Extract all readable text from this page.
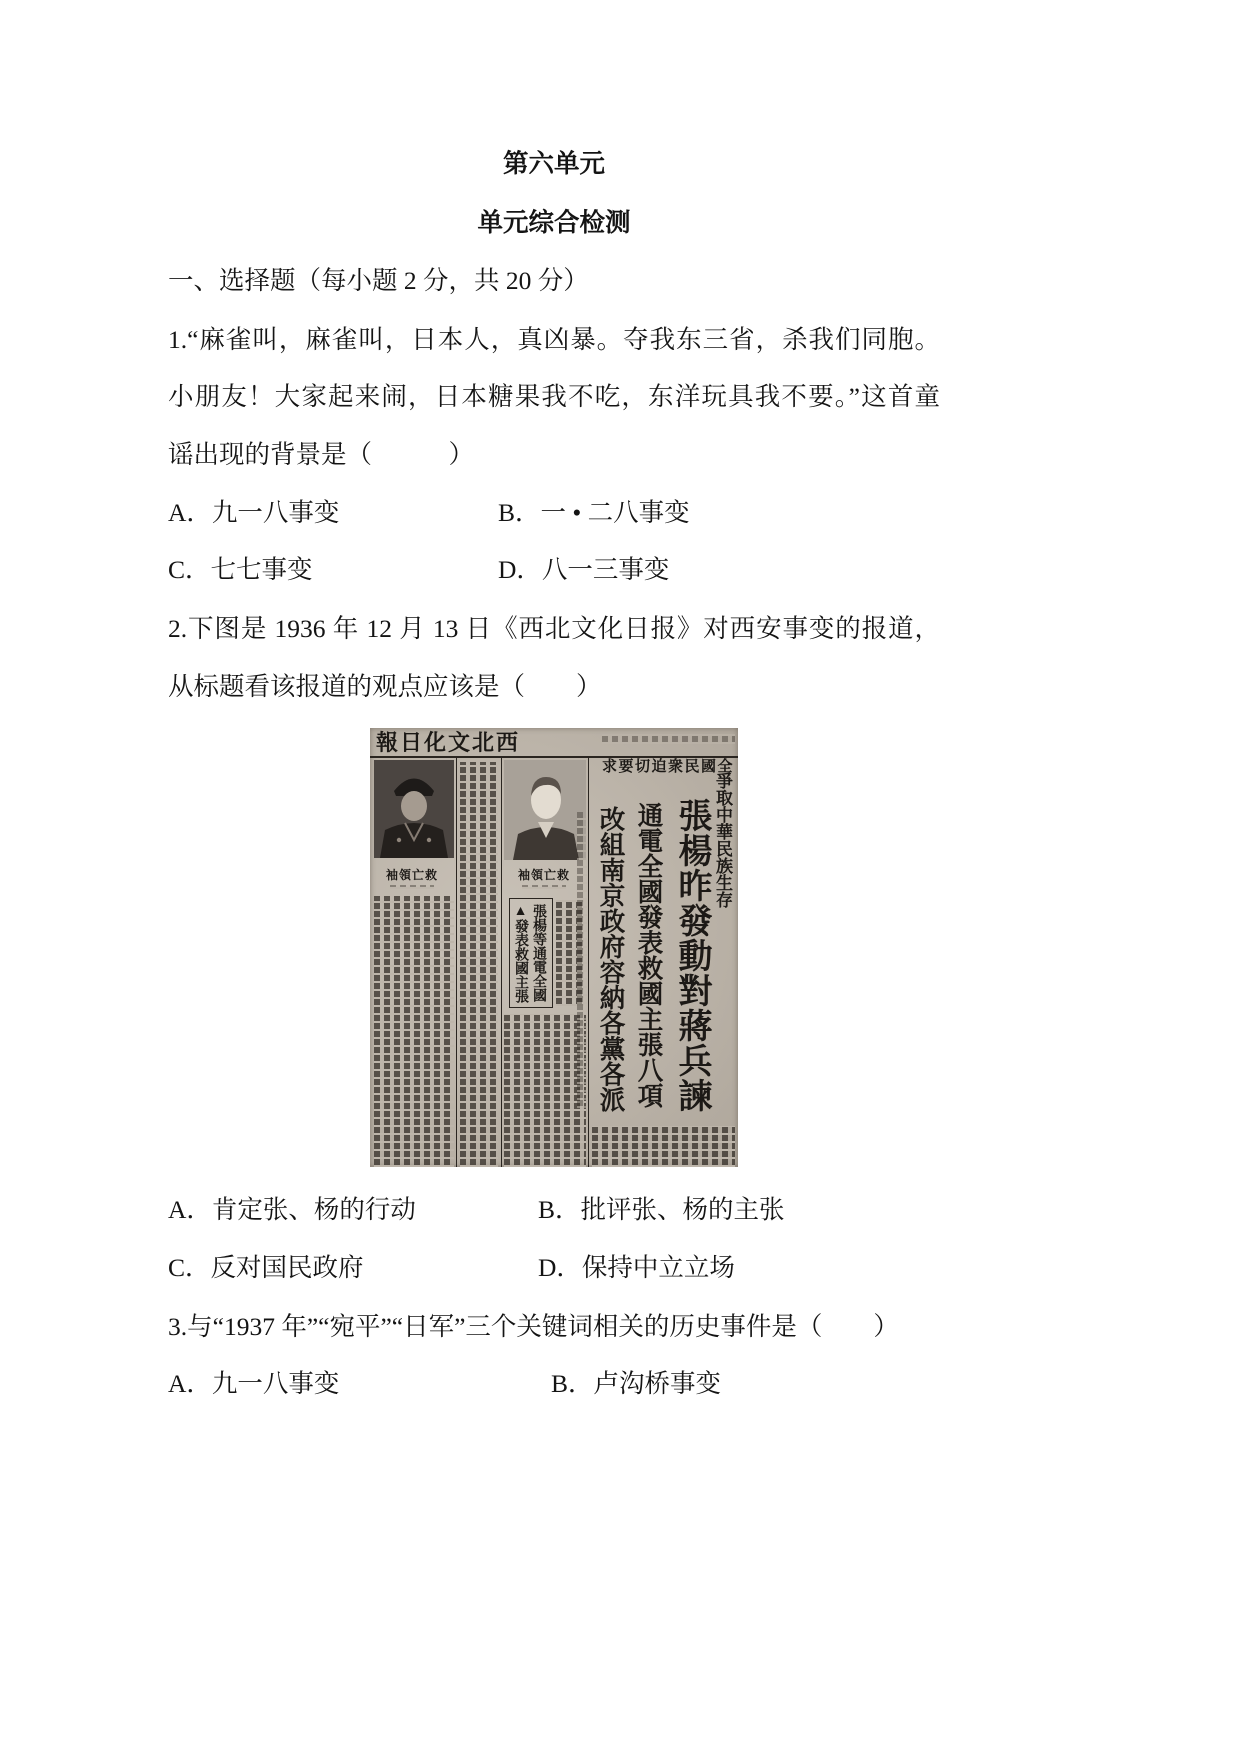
第六单元
单元综合检测
一、选择题（每小题 2 分，共 20 分）
1.“麻雀叫，麻雀叫，日本人，真凶暴。夺我东三省，杀我们同胞。
小朋友！大家起来闹，日本糖果我不吃，东洋玩具我不要。”这首童
谣出现的背景是（　　　）
A．九一八事变	B．一 • 二八事变
C．七七事变	D．八一三事变
2.下图是 1936 年 12 月 13 日《西北文化日报》对西安事变的报道，
从标题看该报道的观点应该是（　　）
西北文化日報
全國民衆迫切要求
救亡領袖	救亡領袖
張楊等通電全國
▲發表救國主張
爭取中華民族生存
張楊昨發動對蔣兵諫
通電全國發表救國主張八項
改組南京政府容納各黨各派
A．肯定张、杨的行动	B．批评张、杨的主张
C．反对国民政府	D．保持中立立场
3.与“1937 年”“宛平”“日军”三个关键词相关的历史事件是（　　）
A．九一八事变	B．卢沟桥事变
